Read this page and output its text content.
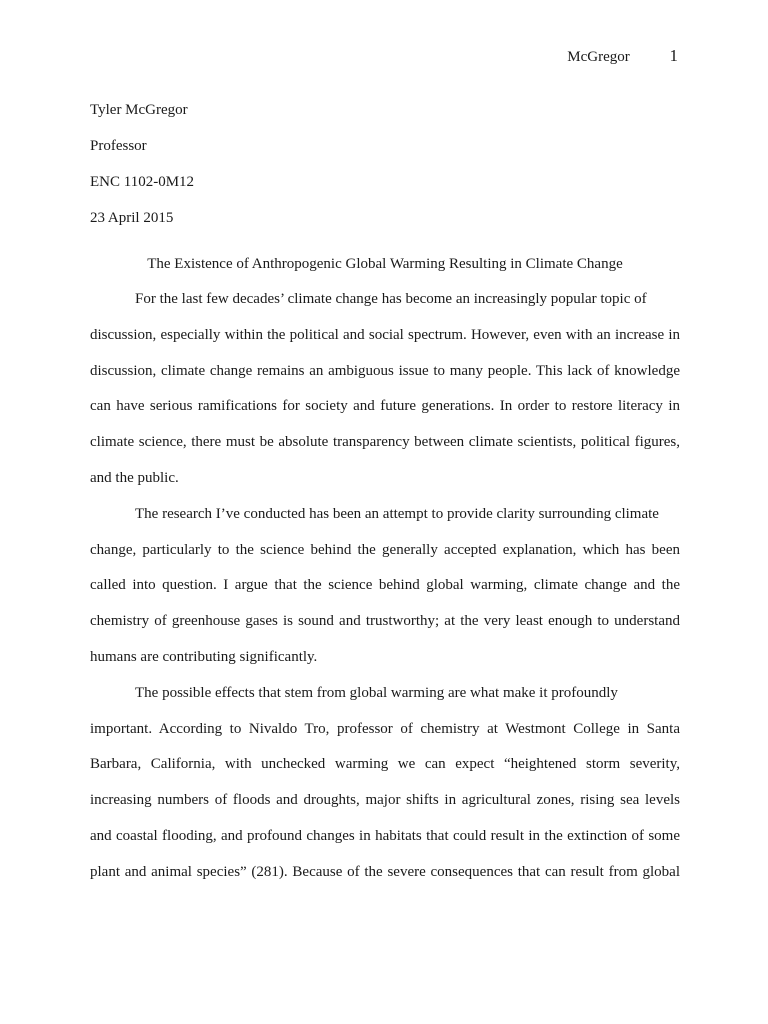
McGregor 1
Tyler McGregor
Professor
ENC 1102-0M12
23 April 2015
The Existence of Anthropogenic Global Warming Resulting in Climate Change
For the last few decades’ climate change has become an increasingly popular topic of
discussion, especially within the political and social spectrum. However, even with an increase in
discussion, climate change remains an ambiguous issue to many people. This lack of knowledge
can have serious ramifications for society and future generations. In order to restore literacy in
climate science, there must be absolute transparency between climate scientists, political figures,
and the public.
The research I’ve conducted has been an attempt to provide clarity surrounding climate
change, particularly to the science behind the generally accepted explanation, which has been
called into question. I argue that the science behind global warming, climate change and the
chemistry of greenhouse gases is sound and trustworthy; at the very least enough to understand
humans are contributing significantly.
The possible effects that stem from global warming are what make it profoundly
important. According to Nivaldo Tro, professor of chemistry at Westmont College in Santa
Barbara, California, with unchecked warming we can expect “heightened storm severity,
increasing numbers of floods and droughts, major shifts in agricultural zones, rising sea levels
and coastal flooding, and profound changes in habitats that could result in the extinction of some
plant and animal species” (281). Because of the severe consequences that can result from global
